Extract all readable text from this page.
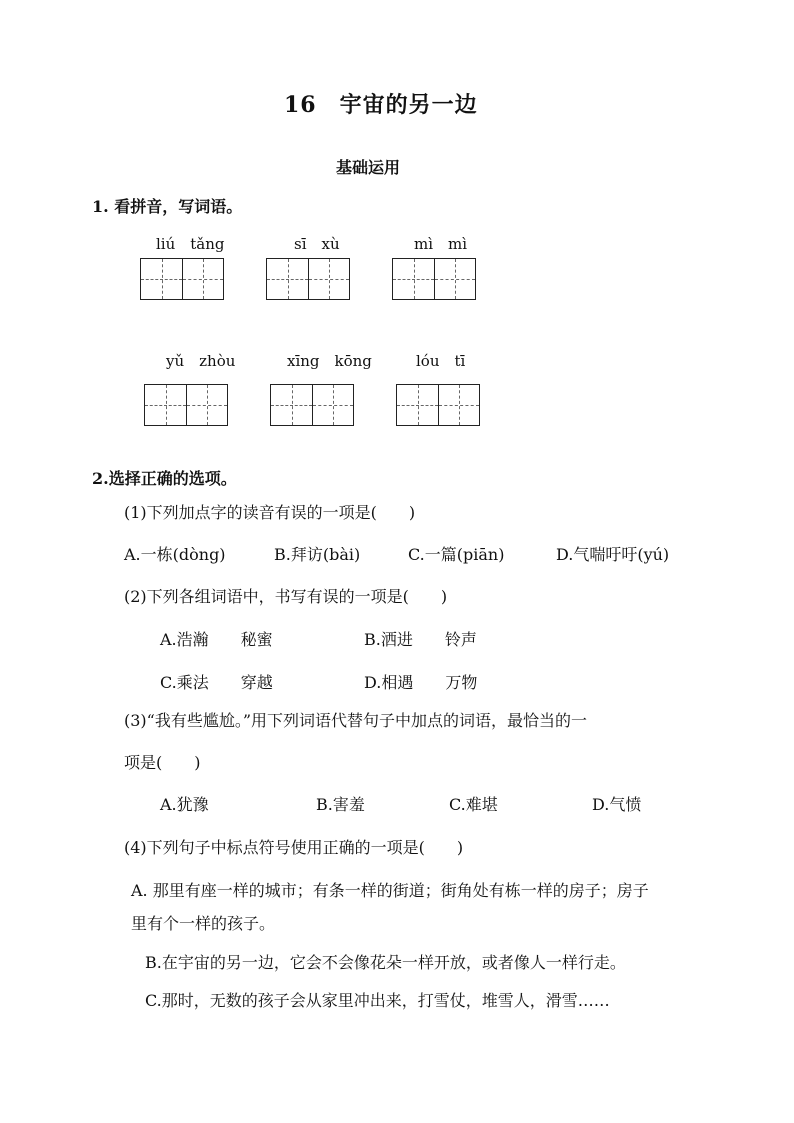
16　宇宙的另一边
基础运用
1. 看拼音，写词语。
liú　tǎng	sī　xù	mì　mì
yǔ　zhòu	xīng　kōng	lóu　tī
2.选择正确的选项。
(1)下列加点字的读音有误的一项是(　　)
A.一栋(dòng)	B.拜访(bài)	C.一篇(piān)	D.气喘吁吁(yú)
(2)下列各组词语中，书写有误的一项是(　　)
A.浩瀚　　秘蜜	B.洒进　　铃声
C.乘法　　穿越	D.相遇　　万物
(3)“我有些尴尬。”用下列词语代替句子中加点的词语，最恰当的一
项是(　　)
A.犹豫	B.害羞	C.难堪	D.气愤
(4)下列句子中标点符号使用正确的一项是(　　)
A. 那里有座一样的城市；有条一样的街道；街角处有栋一样的房子；房子
里有个一样的孩子。
B.在宇宙的另一边，它会不会像花朵一样开放，或者像人一样行走。
C.那时，无数的孩子会从家里冲出来，打雪仗，堆雪人，滑雪……
